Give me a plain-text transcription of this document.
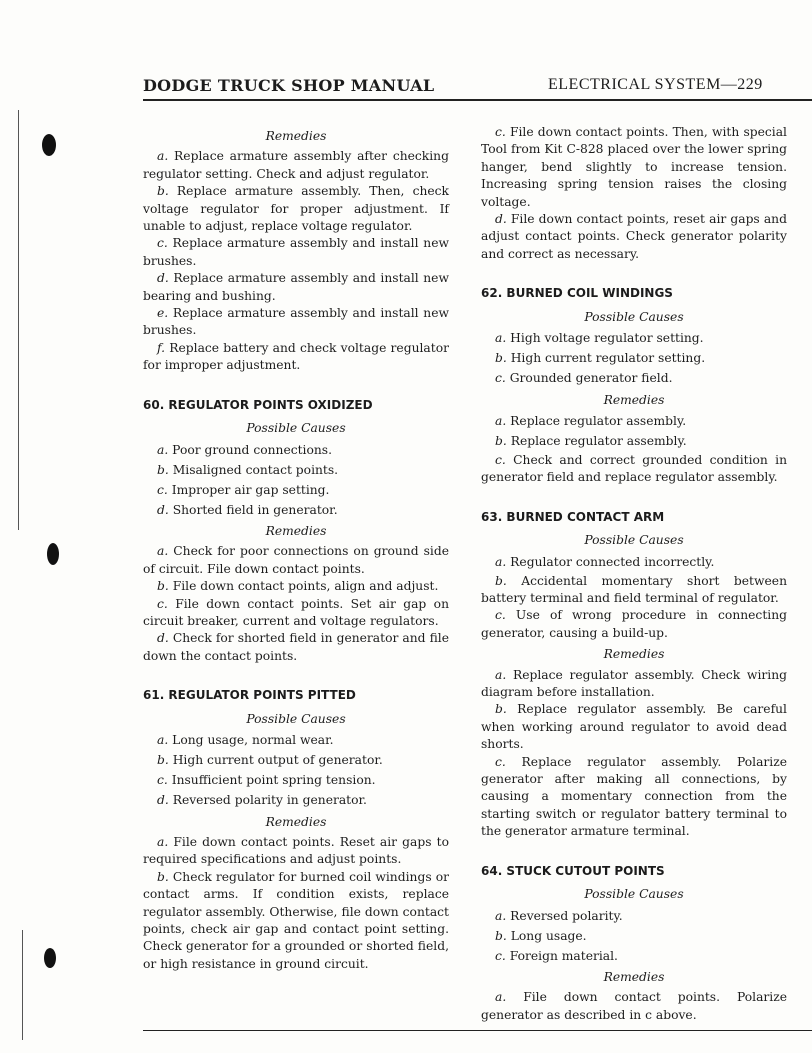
DODGE TRUCK SHOP MANUAL	ELECTRICAL SYSTEM—229
Remedies
a. Replace armature assembly after checking regulator setting. Check and adjust regulator.
b. Replace armature assembly. Then, check voltage regulator for proper adjustment. If unable to adjust, replace voltage regulator.
c. Replace armature assembly and install new brushes.
d. Replace armature assembly and install new bearing and bushing.
e. Replace armature assembly and install new brushes.
f. Replace battery and check voltage regulator for improper adjustment.
60. REGULATOR POINTS OXIDIZED
Possible Causes
a. Poor ground connections.
b. Misaligned contact points.
c. Improper air gap setting.
d. Shorted field in generator.
Remedies
a. Check for poor connections on ground side of circuit. File down contact points.
b. File down contact points, align and adjust.
c. File down contact points. Set air gap on circuit breaker, current and voltage regulators.
d. Check for shorted field in generator and file down the contact points.
61. REGULATOR POINTS PITTED
Possible Causes
a. Long usage, normal wear.
b. High current output of generator.
c. Insufficient point spring tension.
d. Reversed polarity in generator.
Remedies
a. File down contact points. Reset air gaps to required specifications and adjust points.
b. Check regulator for burned coil windings or contact arms. If condition exists, replace regulator assembly. Otherwise, file down contact points, check air gap and contact point setting. Check generator for a grounded or shorted field, or high resistance in ground circuit.
c. File down contact points. Then, with special Tool from Kit C-828 placed over the lower spring hanger, bend slightly to increase tension. Increasing spring tension raises the closing voltage.
d. File down contact points, reset air gaps and adjust contact points. Check generator polarity and correct as necessary.
62. BURNED COIL WINDINGS
Possible Causes
a. High voltage regulator setting.
b. High current regulator setting.
c. Grounded generator field.
Remedies
a. Replace regulator assembly.
b. Replace regulator assembly.
c. Check and correct grounded condition in generator field and replace regulator assembly.
63. BURNED CONTACT ARM
Possible Causes
a. Regulator connected incorrectly.
b. Accidental momentary short between battery terminal and field terminal of regulator.
c. Use of wrong procedure in connecting generator, causing a build-up.
Remedies
a. Replace regulator assembly. Check wiring diagram before installation.
b. Replace regulator assembly. Be careful when working around regulator to avoid dead shorts.
c. Replace regulator assembly. Polarize generator after making all connections, by causing a momentary connection from the starting switch or regulator battery terminal to the generator armature terminal.
64. STUCK CUTOUT POINTS
Possible Causes
a. Reversed polarity.
b. Long usage.
c. Foreign material.
Remedies
a. File down contact points. Polarize generator as described in c above.
